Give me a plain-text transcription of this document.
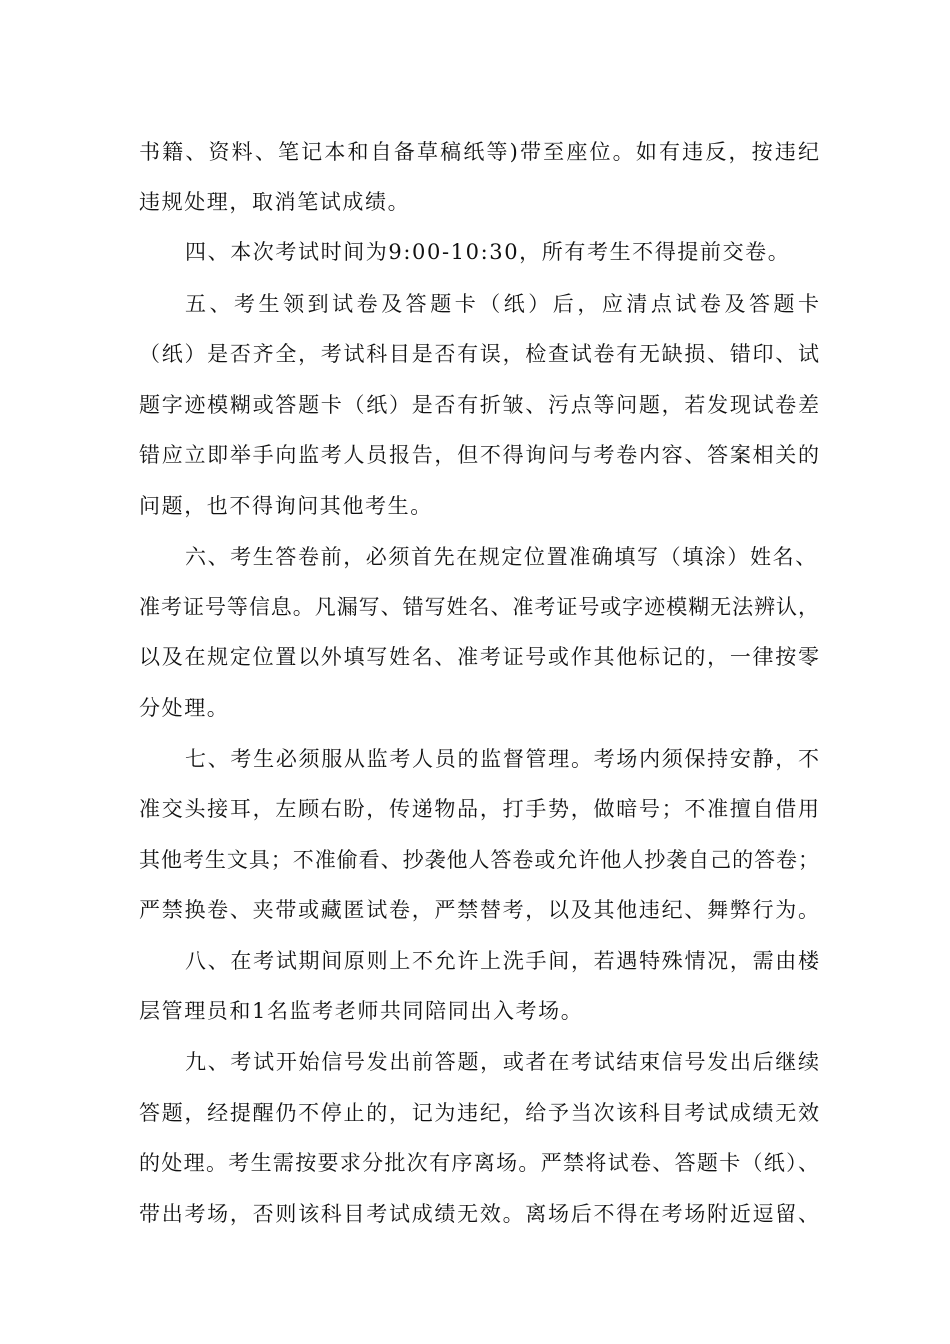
书籍、资料、笔记本和自备草稿纸等)带至座位。如有违反，按违纪
违规处理，取消笔试成绩。
四、本次考试时间为9:00-10:30，所有考生不得提前交卷。
五、考生领到试卷及答题卡（纸）后，应清点试卷及答题卡
（纸）是否齐全，考试科目是否有误，检查试卷有无缺损、错印、试
题字迹模糊或答题卡（纸）是否有折皱、污点等问题，若发现试卷差
错应立即举手向监考人员报告，但不得询问与考卷内容、答案相关的
问题，也不得询问其他考生。
六、考生答卷前，必须首先在规定位置准确填写（填涂）姓名、
准考证号等信息。凡漏写、错写姓名、准考证号或字迹模糊无法辨认，
以及在规定位置以外填写姓名、准考证号或作其他标记的，一律按零
分处理。
七、考生必须服从监考人员的监督管理。考场内须保持安静，不
准交头接耳，左顾右盼，传递物品，打手势，做暗号；不准擅自借用
其他考生文具；不准偷看、抄袭他人答卷或允许他人抄袭自己的答卷；
严禁换卷、夹带或藏匿试卷，严禁替考，以及其他违纪、舞弊行为。
八、在考试期间原则上不允许上洗手间，若遇特殊情况，需由楼
层管理员和1名监考老师共同陪同出入考场。
九、考试开始信号发出前答题，或者在考试结束信号发出后继续
答题，经提醒仍不停止的，记为违纪，给予当次该科目考试成绩无效
的处理。考生需按要求分批次有序离场。严禁将试卷、答题卡（纸）、
带出考场，否则该科目考试成绩无效。离场后不得在考场附近逗留、
